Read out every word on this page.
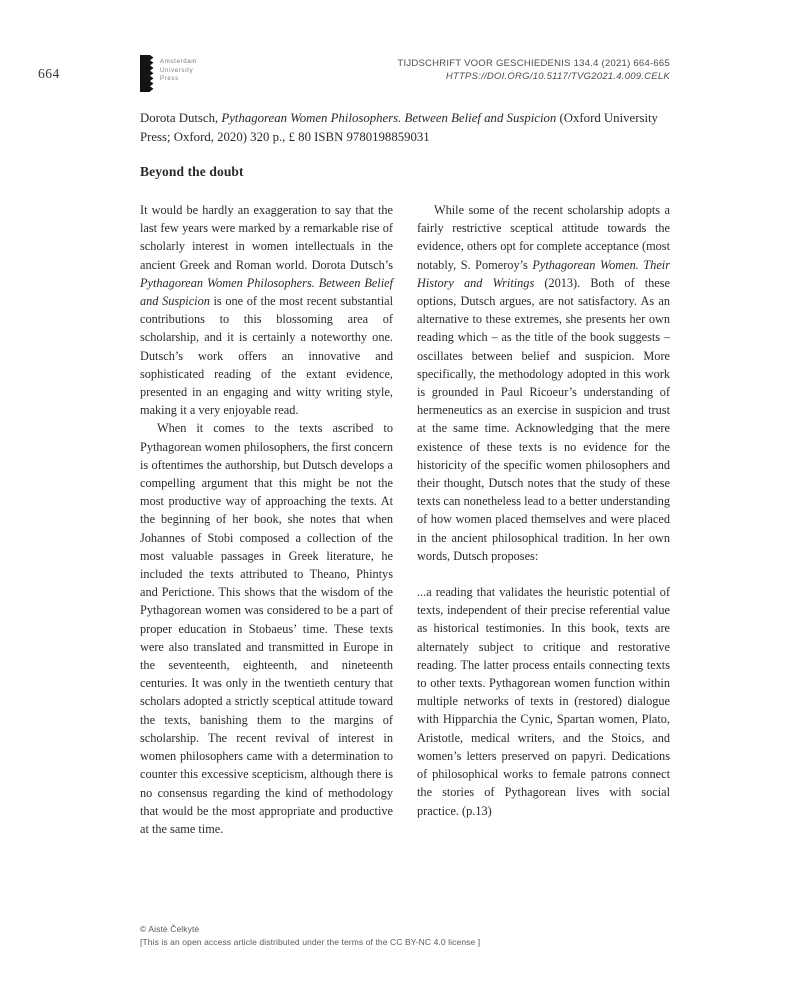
664
Amsterdam
University
Press
TIJDSCHRIFT VOOR GESCHIEDENIS 134.4 (2021) 664-665
HTTPS://DOI.ORG/10.5117/TVG2021.4.009.CELK

Dorota Dutsch, Pythagorean Women Philosophers. Between Belief and Suspicion (Oxford University Press; Oxford, 2020) 320 p., £ 80 ISBN 9780198859031

Beyond the doubt

It would be hardly an exaggeration to say that the last few years were marked by a remarkable rise of scholarly interest in women intellectuals in the ancient Greek and Roman world. Dorota Dutsch’s Pythagorean Women Philosophers. Between Belief and Suspicion is one of the most recent substantial contributions to this blossoming area of scholarship, and it is certainly a noteworthy one. Dutsch’s work offers an innovative and sophisticated reading of the extant evidence, presented in an engaging and witty writing style, making it a very enjoyable read.

When it comes to the texts ascribed to Pythagorean women philosophers, the first concern is oftentimes the authorship, but Dutsch develops a compelling argument that this might be not the most productive way of approaching the texts. At the beginning of her book, she notes that when Johannes of Stobi composed a collection of the most valuable passages in Greek literature, he included the texts attributed to Theano, Phintys and Perictione. This shows that the wisdom of the Pythagorean women was considered to be a part of proper education in Stobaeus’ time. These texts were also translated and transmitted in Europe in the seventeenth, eighteenth, and nineteenth centuries. It was only in the twentieth century that scholars adopted a strictly sceptical attitude toward the texts, banishing them to the margins of scholarship. The recent revival of interest in women philosophers came with a determination to counter this excessive scepticism, although there is no consensus regarding the kind of methodology that would be the most appropriate and productive at the same time.

While some of the recent scholarship adopts a fairly restrictive sceptical attitude towards the evidence, others opt for complete acceptance (most notably, S. Pomeroy’s Pythagorean Women. Their History and Writings (2013). Both of these options, Dutsch argues, are not satisfactory. As an alternative to these extremes, she presents her own reading which – as the title of the book suggests – oscillates between belief and suspicion. More specifically, the methodology adopted in this work is grounded in Paul Ricoeur’s understanding of hermeneutics as an exercise in suspicion and trust at the same time. Acknowledging that the mere existence of these texts is no evidence for the historicity of the specific women philosophers and their thought, Dutsch notes that the study of these texts can nonetheless lead to a better understanding of how women placed themselves and were placed in the ancient philosophical tradition. In her own words, Dutsch proposes:

...a reading that validates the heuristic potential of texts, independent of their precise referential value as historical testimonies. In this book, texts are alternately subject to critique and restorative reading. The latter process entails connecting texts to other texts. Pythagorean women function within multiple networks of texts in (restored) dialogue with Hipparchia the Cynic, Spartan women, Plato, Aristotle, medical writers, and the Stoics, and women’s letters preserved on papyri. Dedications of philosophical works to female patrons connect the stories of Pythagorean lives with social practice. (p.13)
© Aistė Čelkytė
[This is an open access article distributed under the terms of the CC BY-NC 4.0 license ]
